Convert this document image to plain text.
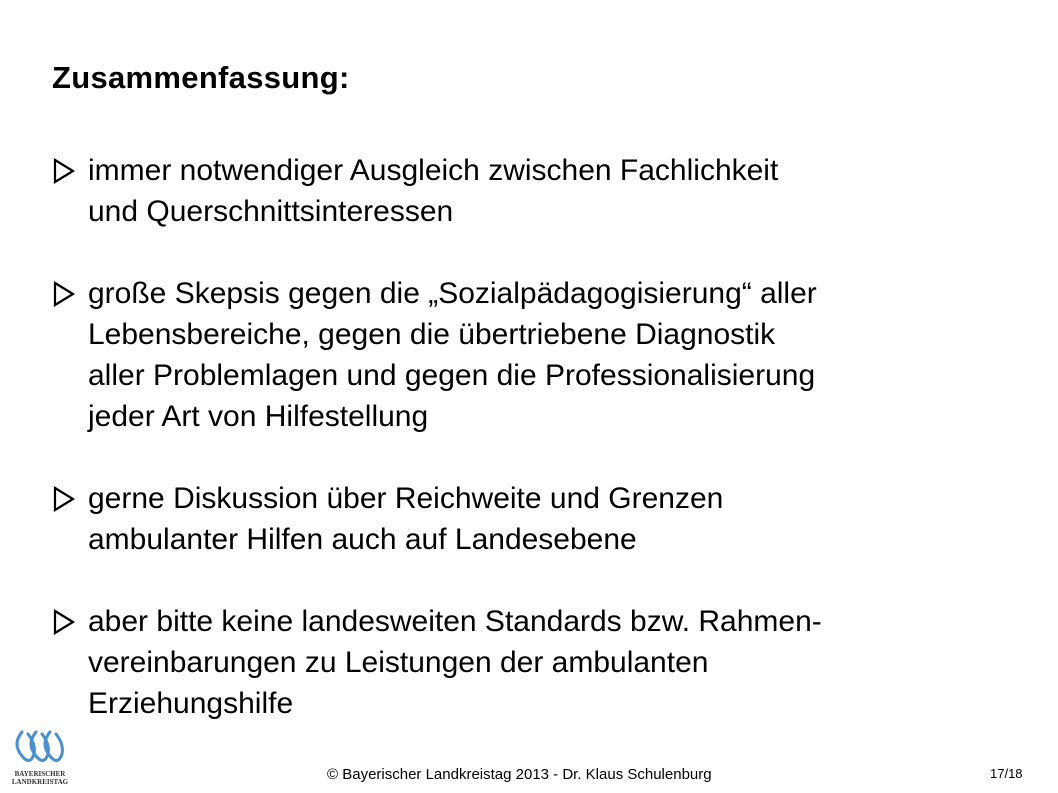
Zusammenfassung:
immer notwendiger Ausgleich zwischen Fachlichkeit
und Querschnittsinteressen
große Skepsis gegen die „Sozialpädagogisierung“ aller
Lebensbereiche, gegen die übertriebene Diagnostik
aller Problemlagen und gegen die Professionalisierung
jeder Art von Hilfestellung
gerne Diskussion über Reichweite und Grenzen
ambulanter Hilfen auch auf Landesebene
aber bitte keine landesweiten Standards bzw. Rahmen-
vereinbarungen zu Leistungen der ambulanten
Erziehungshilfe
BAYERISCHER
LANDKREISTAG	© Bayerischer Landkreistag 2013 - Dr. Klaus Schulenburg	17/18
